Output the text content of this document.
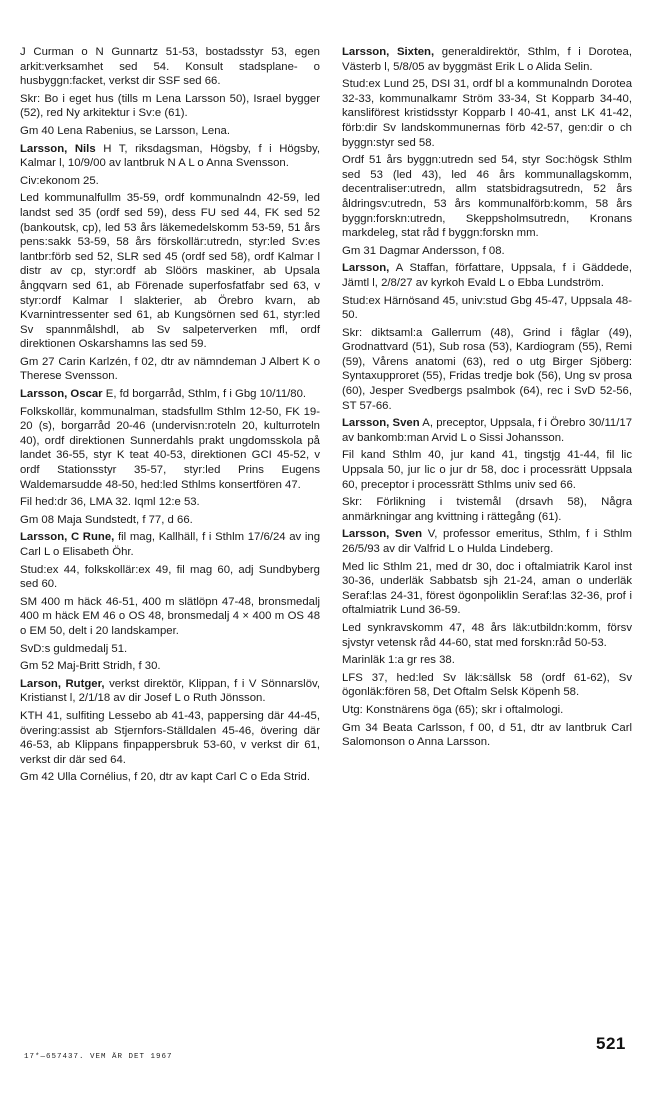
J Curman o N Gunnartz 51-53, bostadsstyr 53, egen arkit:verksamhet sed 54. Konsult stadsplane- o husbyggn:facket, verkst dir SSF sed 66.

Skr: Bo i eget hus (tills m Lena Larsson 50), Israel bygger (52), red Ny arkitektur i Sv:e (61).

Gm 40 Lena Rabenius, se Larsson, Lena.

Larsson, Nils H T, riksdagsman, Högsby, f i Högsby, Kalmar l, 10/9/00 av lantbruk N A L o Anna Svensson.

Civ:ekonom 25.

Led kommunalfullm 35-59, ordf kommunalndn 42-59, led landst sed 35 (ordf sed 59), dess FU sed 44, FK sed 52 (bankoutsk, cp), led 53 års läkemedelskomm 53-59, 51 års pens:sakk 53-59, 58 års förskollär:utredn, styr:led Sv:es lantbr:förb sed 52, SLR sed 45 (ordf sed 58), ordf Kalmar l distr av cp, styr:ordf ab Slöörs maskiner, ab Upsala ångqvarn sed 61, ab Förenade superfosfatfabr sed 63, v styr:ordf Kalmar l slakterier, ab Örebro kvarn, ab Kvarnintressenter sed 61, ab Kungsörnen sed 61, styr:led Sv spannmålshdl, ab Sv salpeterverken mfl, ordf direktionen Oskarshamns las sed 59.

Gm 27 Carin Karlzén, f 02, dtr av nämndeman J Albert K o Therese Svensson.

Larsson, Oscar E, fd borgarråd, Sthlm, f i Gbg 10/11/80.

Folkskollär, kommunalman, stadsfullm Sthlm 12-50, FK 19-20 (s), borgarråd 20-46 (undervisn:roteln 20, kulturroteln 40), ordf direktionen Sunnerdahls prakt ungdomsskola på landet 36-55, styr K teat 40-53, direktionen GCI 45-52, v ordf Stationsstyr 35-57, styr:led Prins Eugens Waldemarsudde 48-50, hed:led Sthlms konsertfören 47.

Fil hed:dr 36, LMA 32. Iqml 12:e 53.

Gm 08 Maja Sundstedt, f 77, d 66.

Larsson, C Rune, fil mag, Kallhäll, f i Sthlm 17/6/24 av ing Carl L o Elisabeth Öhr.

Stud:ex 44, folkskollär:ex 49, fil mag 60, adj Sundbyberg sed 60.

SM 400 m häck 46-51, 400 m slätlöpn 47-48, bronsmedalj 400 m häck EM 46 o OS 48, bronsmedalj 4 × 400 m OS 48 o EM 50, delt i 20 landskamper.

SvD:s guldmedalj 51.

Gm 52 Maj-Britt Stridh, f 30.

Larson, Rutger, verkst direktör, Klippan, f i V Sönnarslöv, Kristianst l, 2/1/18 av dir Josef L o Ruth Jönsson.

KTH 41, sulfiting Lessebo ab 41-43, pappersing där 44-45, övering:assist ab Stjernfors-Ställdalen 45-46, övering där 46-53, ab Klippans finpappersbruk 53-60, v verkst dir 61, verkst dir där sed 64.

Gm 42 Ulla Cornélius, f 20, dtr av kapt Carl C o Eda Strid.

Larsson, Sixten, generaldirektör, Sthlm, f i Dorotea, Västerb l, 5/8/05 av byggmäst Erik L o Alida Selin.

Stud:ex Lund 25, DSI 31, ordf bl a kommunalndn Dorotea 32-33, kommunalkamr Ström 33-34, St Kopparb 34-40, kansliförest kristidsstyr Kopparb l 40-41, anst LK 41-42, förb:dir Sv landskommunernas förb 42-57, gen:dir o ch byggn:styr sed 58.

Ordf 51 års byggn:utredn sed 54, styr Soc:högsk Sthlm sed 53 (led 43), led 46 års kommunallagskomm, decentraliser:utredn, allm statsbidragsutredn, 52 års åldringsv:utredn, 53 års kommunalförb:komm, 58 års byggn:forskn:utredn, Skeppsholmsutredn, Kronans markdeleg, stat råd f byggn:forskn mm.

Gm 31 Dagmar Andersson, f 08.

Larsson, A Staffan, författare, Uppsala, f i Gäddede, Jämtl l, 2/8/27 av kyrkoh Evald L o Ebba Lundström.

Stud:ex Härnösand 45, univ:stud Gbg 45-47, Uppsala 48-50.

Skr: diktsaml:a Gallerrum (48), Grind i fåglar (49), Grodnattvard (51), Sub rosa (53), Kardiogram (55), Remi (59), Vårens anatomi (63), red o utg Birger Sjöberg: Syntaxupproret (55), Fridas tredje bok (56), Ung sv prosa (60), Jesper Svedbergs psalmbok (64), rec i SvD 52-56, ST 57-66.

Larsson, Sven A, preceptor, Uppsala, f i Örebro 30/11/17 av bankomb:man Arvid L o Sissi Johansson.

Fil kand Sthlm 40, jur kand 41, tingstjg 41-44, fil lic Uppsala 50, jur lic o jur dr 58, doc i processrätt Uppsala 60, preceptor i processrätt Sthlms univ sed 66.

Skr: Förlikning i tvistemål (drsavh 58), Några anmärkningar ang kvittning i rättegång (61).

Larsson, Sven V, professor emeritus, Sthlm, f i Sthlm 26/5/93 av dir Valfrid L o Hulda Lindeberg.

Med lic Sthlm 21, med dr 30, doc i oftalmiatrik Karol inst 30-36, underläk Sabbatsb sjh 21-24, aman o underläk Seraf:las 24-31, förest ögonpoliklin Seraf:las 32-36, prof i oftalmiatrik Lund 36-59.

Led synkravskomm 47, 48 års läk:utbildn:komm, försv sjvstyr vetensk råd 44-60, stat med forskn:råd 50-53.

Marinläk 1:a gr res 38.

LFS 37, hed:led Sv läk:sällsk 58 (ordf 61-62), Sv ögonläk:fören 58, Det Oftalm Selsk Köpenh 58.

Utg: Konstnärens öga (65); skr i oftalmologi.

Gm 34 Beata Carlsson, f 00, d 51, dtr av lantbruk Carl Salomonson o Anna Larsson.

17*—657437. VEM ÄR DET 1967
521
